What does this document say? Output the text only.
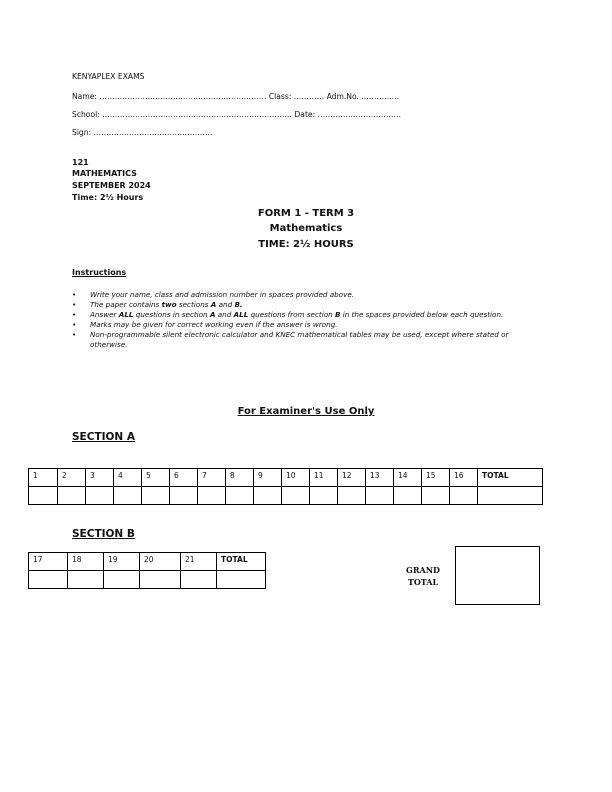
KENYAPLEX EXAMS
Name: ………………………………………………………… Class: ………… Adm.No. ……………
School: ………………………………………………………………… Date: ……………………………
Sign: ………………………………………..
121
MATHEMATICS
SEPTEMBER 2024
Time: 2½ Hours
FORM 1 - TERM 3
Mathematics
TIME: 2½ HOURS
Instructions
• Write your name, class and admission number in spaces provided above.
• The paper contains two sections A and B.
• Answer ALL questions in section A and ALL questions from section B in the spaces provided below each question.
• Marks may be given for correct working even if the answer is wrong.
• Non-programmable silent electronic calculator and KNEC mathematical tables may be used, except where stated or otherwise.
For Examiner's Use Only
SECTION A
1	2	3	4	5	6	7	8	9	10	11	12	13	14	15	16	TOTAL

SECTION B
17	18	19	20	21	TOTAL

GRAND
TOTAL
